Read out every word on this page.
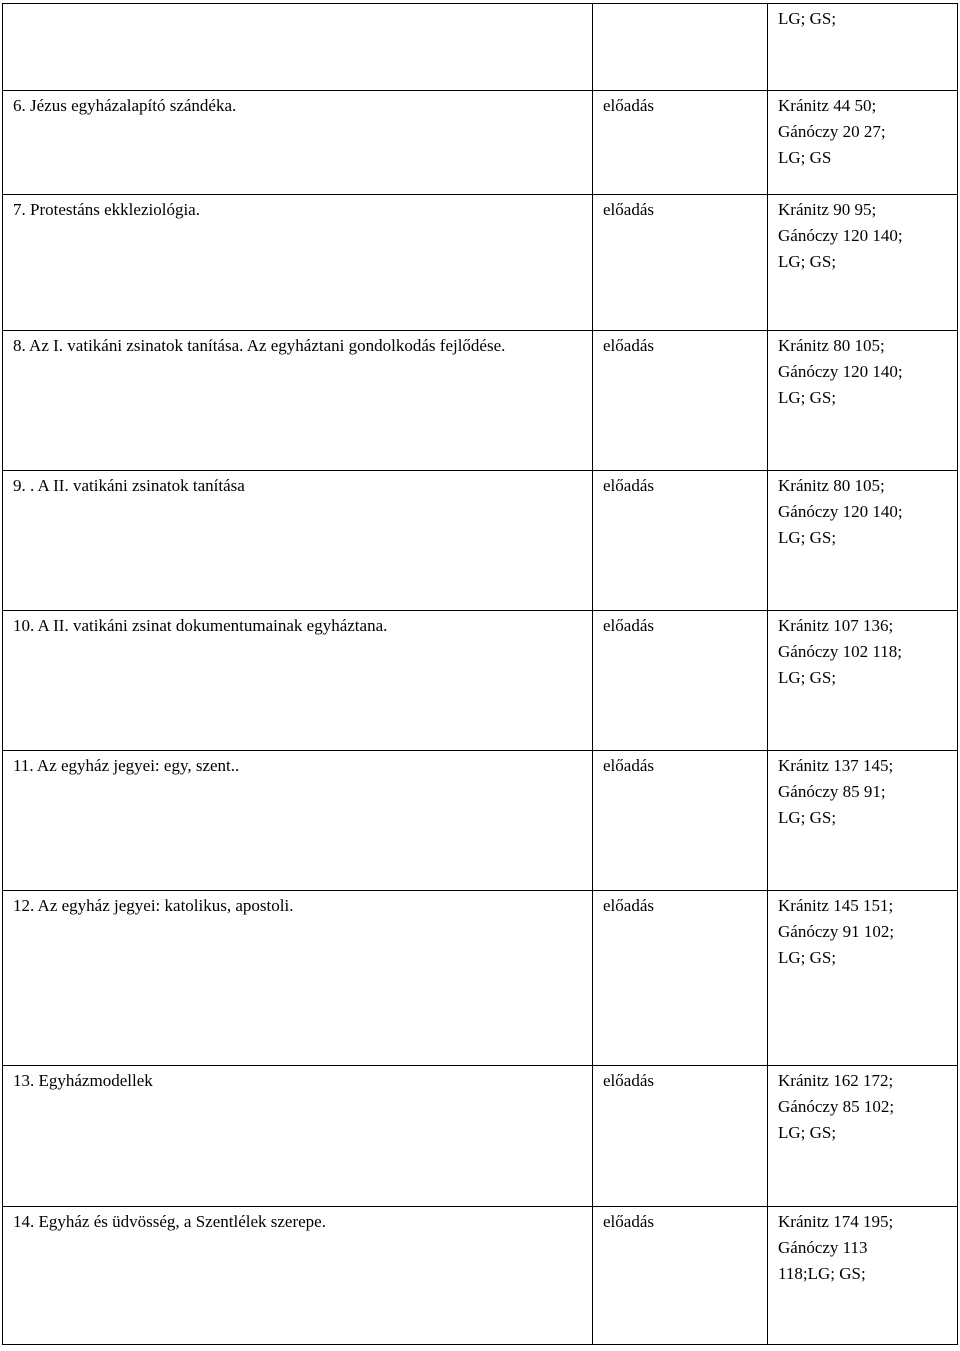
		LG; GS;

6. Jézus egyházalapító szándéka.	előadás	Kránitz 44 50;
Gánóczy 20 27;
LG; GS

7. Protestáns ekkleziológia.	előadás	Kránitz 90 95;
Gánóczy 120 140;
LG; GS;

8. Az I. vatikáni zsinatok tanítása. Az egyháztani gondolkodás fejlődése.	előadás	Kránitz 80 105;
Gánóczy 120 140;
LG; GS;

9. . A II. vatikáni zsinatok tanítása	előadás	Kránitz 80 105;
Gánóczy 120 140;
LG; GS;

10. A II. vatikáni zsinat dokumentumainak egyháztana.	előadás	Kránitz 107 136;
Gánóczy 102 118;
LG; GS;

11. Az egyház jegyei: egy, szent..	előadás	Kránitz 137 145;
Gánóczy 85 91;
LG; GS;

12. Az egyház jegyei: katolikus, apostoli.	előadás	Kránitz 145 151;
Gánóczy 91 102;
LG; GS;

13. Egyházmodellek	előadás	Kránitz 162 172;
Gánóczy 85 102;
LG; GS;

14. Egyház és üdvösség, a Szentlélek szerepe.	előadás	Kránitz 174 195;
Gánóczy 113
118;LG; GS;
